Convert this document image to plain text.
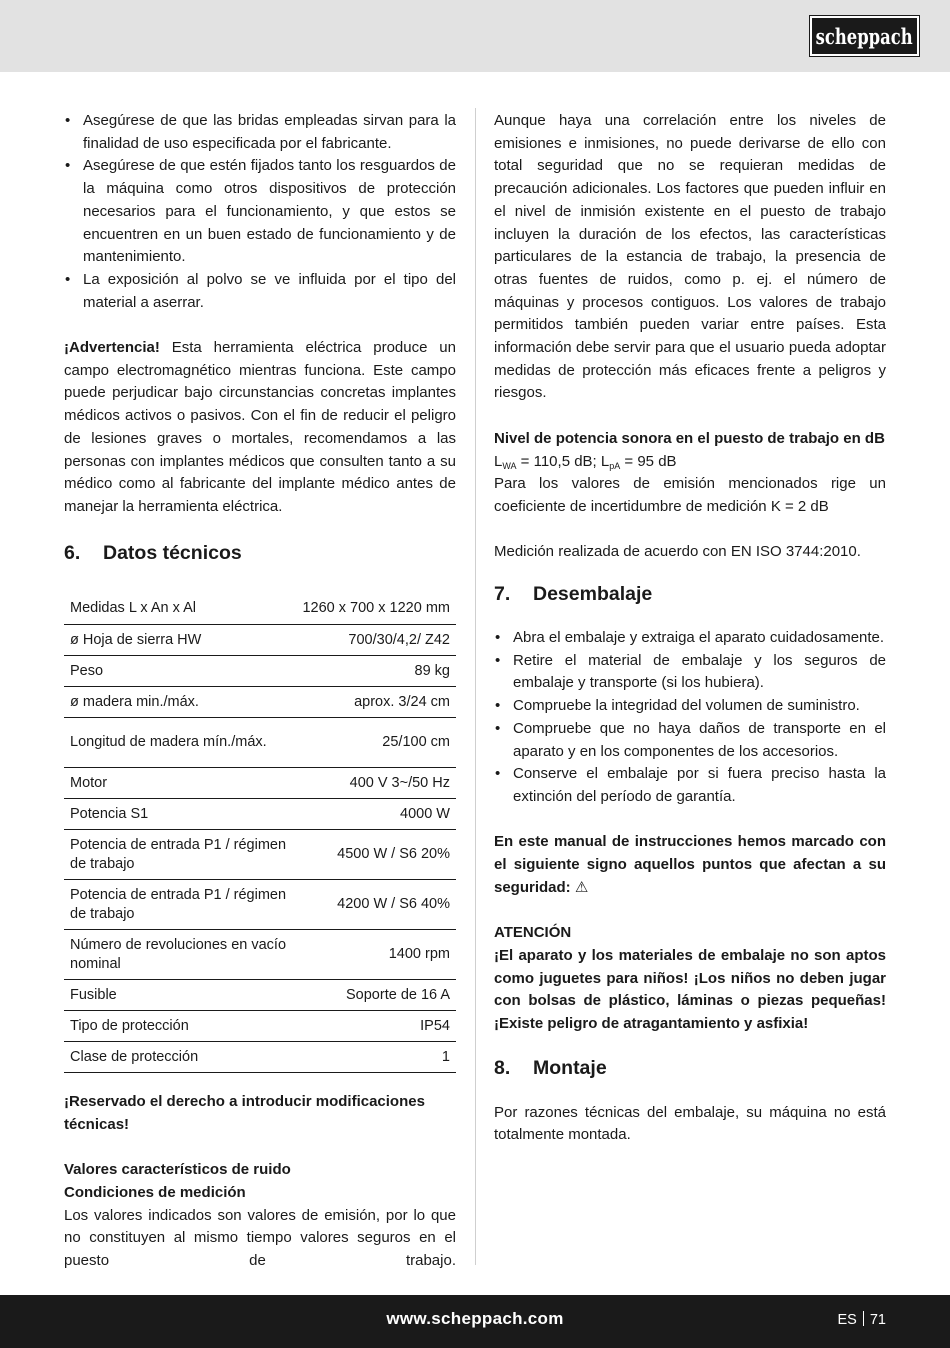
scheppach
• Asegúrese de que las bridas empleadas sirvan para la finalidad de uso especificada por el fabricante.
• Asegúrese de que estén fijados tanto los resguardos de la máquina como otros dispositivos de protección necesarios para el funcionamiento, y que estos se encuentren en un buen estado de funcionamiento y de mantenimiento.
• La exposición al polvo se ve influida por el tipo del material a aserrar.

¡Advertencia! Esta herramienta eléctrica produce un campo electromagnético mientras funciona. Este campo puede perjudicar bajo circunstancias concretas implantes médicos activos o pasivos. Con el fin de reducir el peligro de lesiones graves o mortales, recomendamos a las personas con implantes médicos que consulten tanto a su médico como al fabricante del implante médico antes de manejar la herramienta eléctrica.

6.	Datos técnicos
Medidas L x An x Al	1260 x 700 x 1220 mm
ø Hoja de sierra HW	700/30/4,2/ Z42
Peso	89 kg
ø madera min./máx.	aprox. 3/24 cm
Longitud de madera mín./máx.	25/100 cm
Motor	400 V 3~/50 Hz
Potencia S1	4000 W
Potencia de entrada P1 / régimen de trabajo	4500 W / S6 20%
Potencia de entrada P1 / régimen de trabajo	4200 W / S6 40%
Número de revoluciones en vacío nominal	1400 rpm
Fusible	Soporte de 16 A
Tipo de protección	IP54
Clase de protección	1

¡Reservado el derecho a introducir modificaciones técnicas!

Valores característicos de ruido

Condiciones de medición

Los valores indicados son valores de emisión, por lo que no constituyen al mismo tiempo valores seguros en el puesto de trabajo.

Aunque haya una correlación entre los niveles de emisiones e inmisiones, no puede derivarse de ello con total seguridad que no se requieran medidas de precaución adicionales. Los factores que pueden influir en el nivel de inmisión existente en el puesto de trabajo incluyen la duración de los efectos, las características particulares de la estancia de trabajo, la presencia de otras fuentes de ruidos, como p. ej. el número de máquinas y procesos contiguos. Los valores de trabajo permitidos también pueden variar entre países. Esta información debe servir para que el usuario pueda adoptar medidas de protección más eficaces frente a peligros y riesgos.

Nivel de potencia sonora en el puesto de trabajo en dB

$L_{WA} = 110,5$ dB; $L_{pA} = 95$ dB

Para los valores de emisión mencionados rige un coeficiente de incertidumbre de medición K = 2 dB

Medición realizada de acuerdo con EN ISO 3744:2010.

7.	Desembalaje
• Abra el embalaje y extraiga el aparato cuidadosamente.
• Retire el material de embalaje y los seguros de embalaje y transporte (si los hubiera).
• Compruebe la integridad del volumen de suministro.
• Compruebe que no haya daños de transporte en el aparato y en los componentes de los accesorios.
• Conserve el embalaje por si fuera preciso hasta la extinción del período de garantía.

En este manual de instrucciones hemos marcado con el siguiente signo aquellos puntos que afectan a su seguridad: ⚠

ATENCIÓN

¡El aparato y los materiales de embalaje no son aptos como juguetes para niños! ¡Los niños no deben jugar con bolsas de plástico, láminas o piezas pequeñas! ¡Existe peligro de atragantamiento y asfixia!

8.	Montaje

Por razones técnicas del embalaje, su máquina no está totalmente montada.

www.scheppach.com	ES 71
